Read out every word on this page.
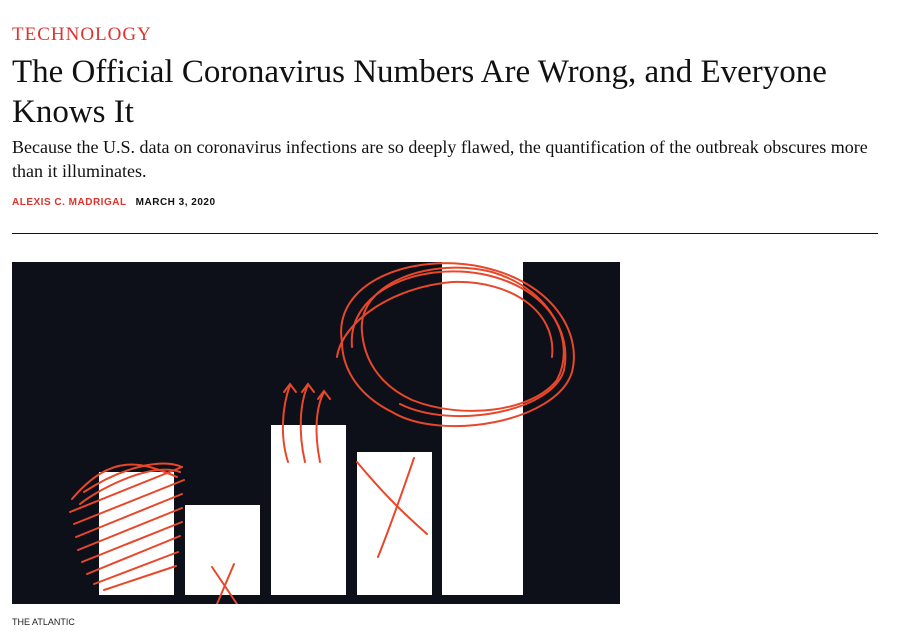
TECHNOLOGY
The Official Coronavirus Numbers Are Wrong, and Everyone Knows It

Because the U.S. data on coronavirus infections are so deeply flawed, the quantification of the outbreak obscures more than it illuminates.

ALEXIS C. MADRIGAL MARCH 3, 2020
THE ATLANTIC
